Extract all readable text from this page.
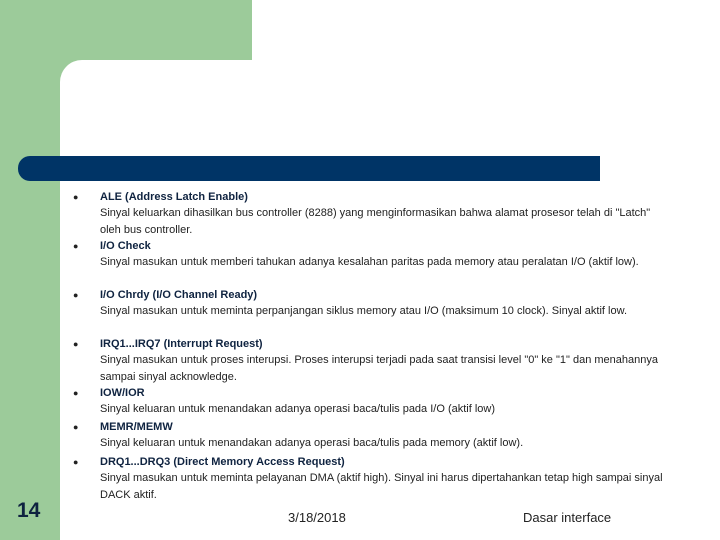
● ALE (Address Latch Enable)
Sinyal keluarkan dihasilkan bus controller (8288) yang menginformasikan bahwa alamat prosesor telah di "Latch" oleh bus controller.
● I/O Check
Sinyal masukan untuk memberi tahukan adanya kesalahan paritas pada memory atau peralatan I/O (aktif low).
● I/O Chrdy (I/O Channel Ready)
Sinyal masukan untuk meminta perpanjangan siklus memory atau I/O (maksimum 10 clock). Sinyal aktif low.
● IRQ1...IRQ7 (Interrupt Request)
Sinyal masukan untuk proses interupsi. Proses interupsi terjadi pada saat transisi level "0" ke "1" dan menahannya sampai sinyal acknowledge.
● IOW/IOR
Sinyal keluaran untuk menandakan adanya operasi baca/tulis pada I/O (aktif low)
● MEMR/MEMW
Sinyal keluaran untuk menandakan adanya operasi baca/tulis pada memory (aktif low).
● DRQ1...DRQ3 (Direct Memory Access Request)
Sinyal masukan untuk meminta pelayanan DMA (aktif high). Sinyal ini harus dipertahankan tetap high sampai sinyal DACK aktif.
14	3/18/2018	Dasar interface
